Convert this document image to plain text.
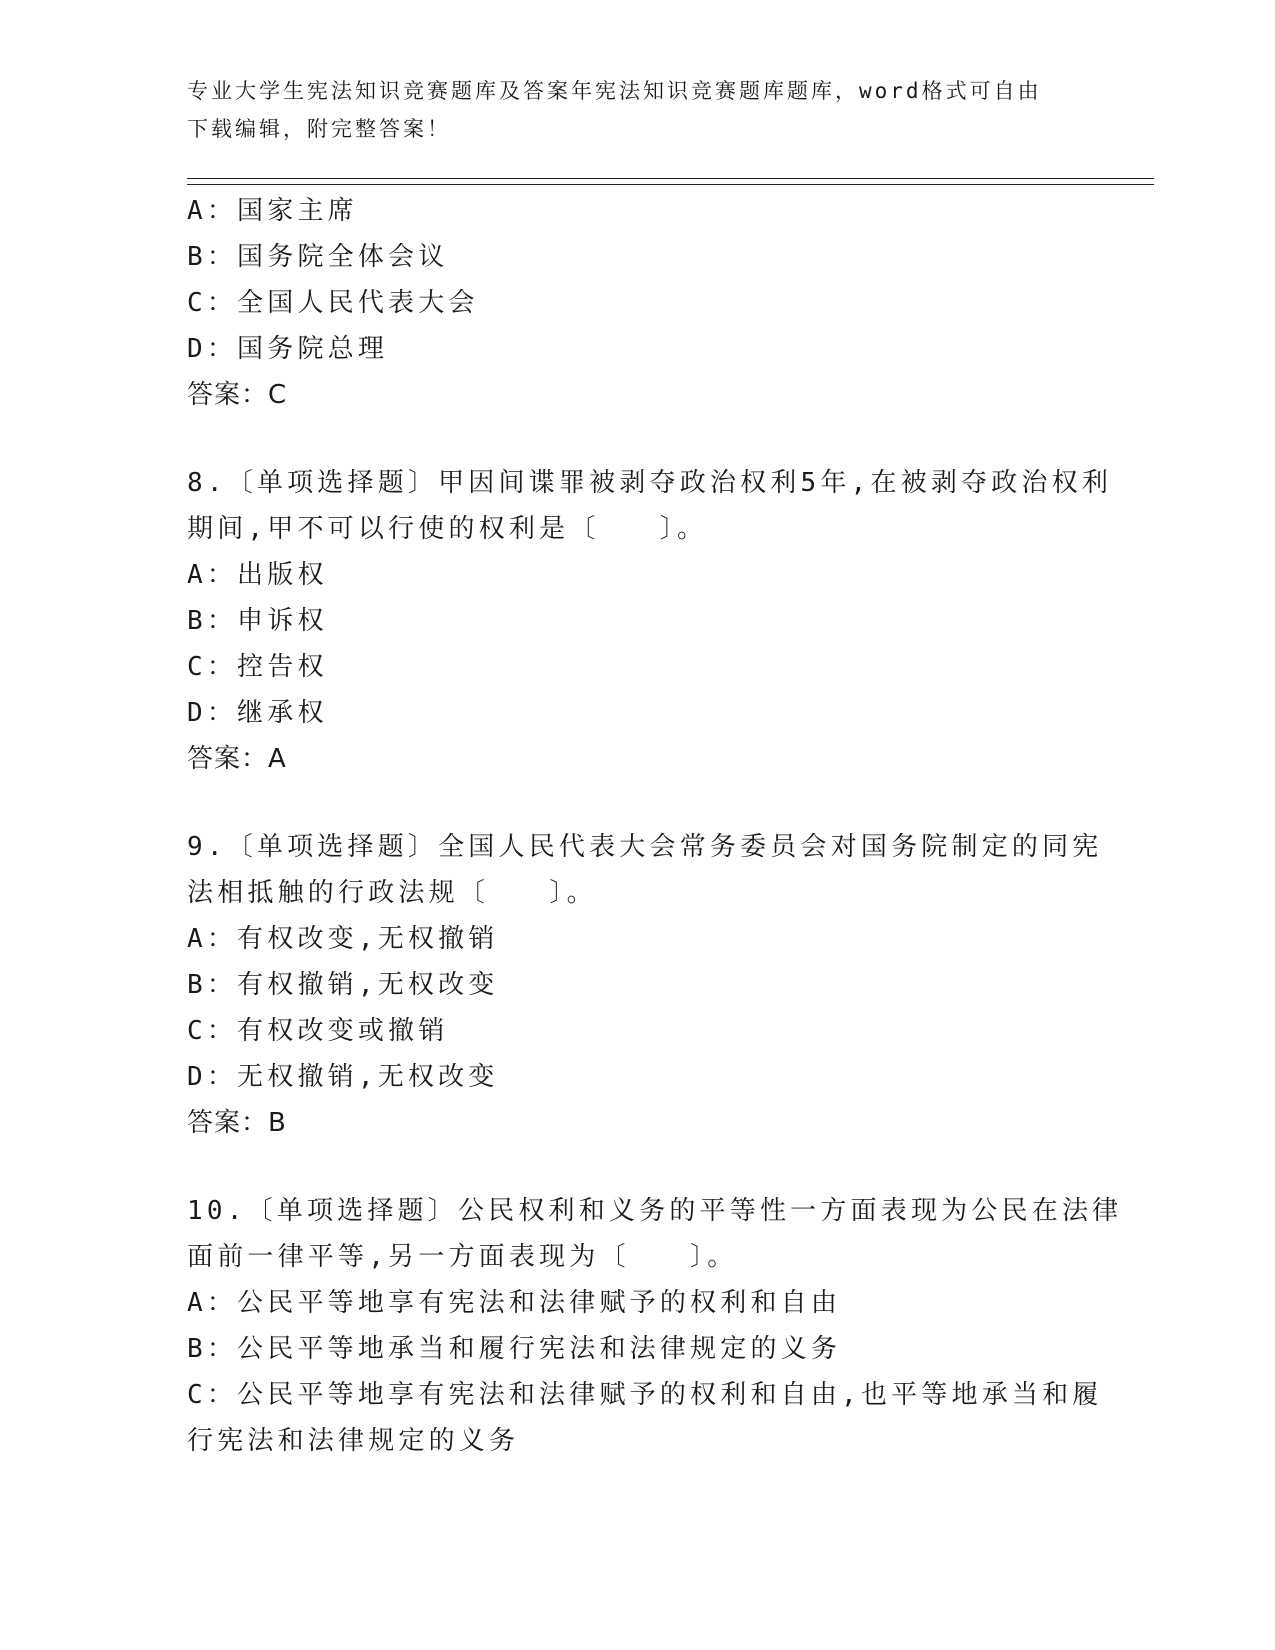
专业大学生宪法知识竞赛题库及答案年宪法知识竞赛题库题库，word格式可自由
下载编辑，附完整答案！
A：国家主席
B：国务院全体会议
C：全国人民代表大会
D：国务院总理
答案：C
8.〔单项选择题〕甲因间谍罪被剥夺政治权利5年,在被剥夺政治权利
期间,甲不可以行使的权利是〔　　〕。
A：出版权
B：申诉权
C：控告权
D：继承权
答案：A
9.〔单项选择题〕全国人民代表大会常务委员会对国务院制定的同宪
法相抵触的行政法规〔　　〕。
A：有权改变,无权撤销
B：有权撤销,无权改变
C：有权改变或撤销
D：无权撤销,无权改变
答案：B
10.〔单项选择题〕公民权利和义务的平等性一方面表现为公民在法律
面前一律平等,另一方面表现为〔　　〕。
A：公民平等地享有宪法和法律赋予的权利和自由
B：公民平等地承当和履行宪法和法律规定的义务
C：公民平等地享有宪法和法律赋予的权利和自由,也平等地承当和履
行宪法和法律规定的义务
